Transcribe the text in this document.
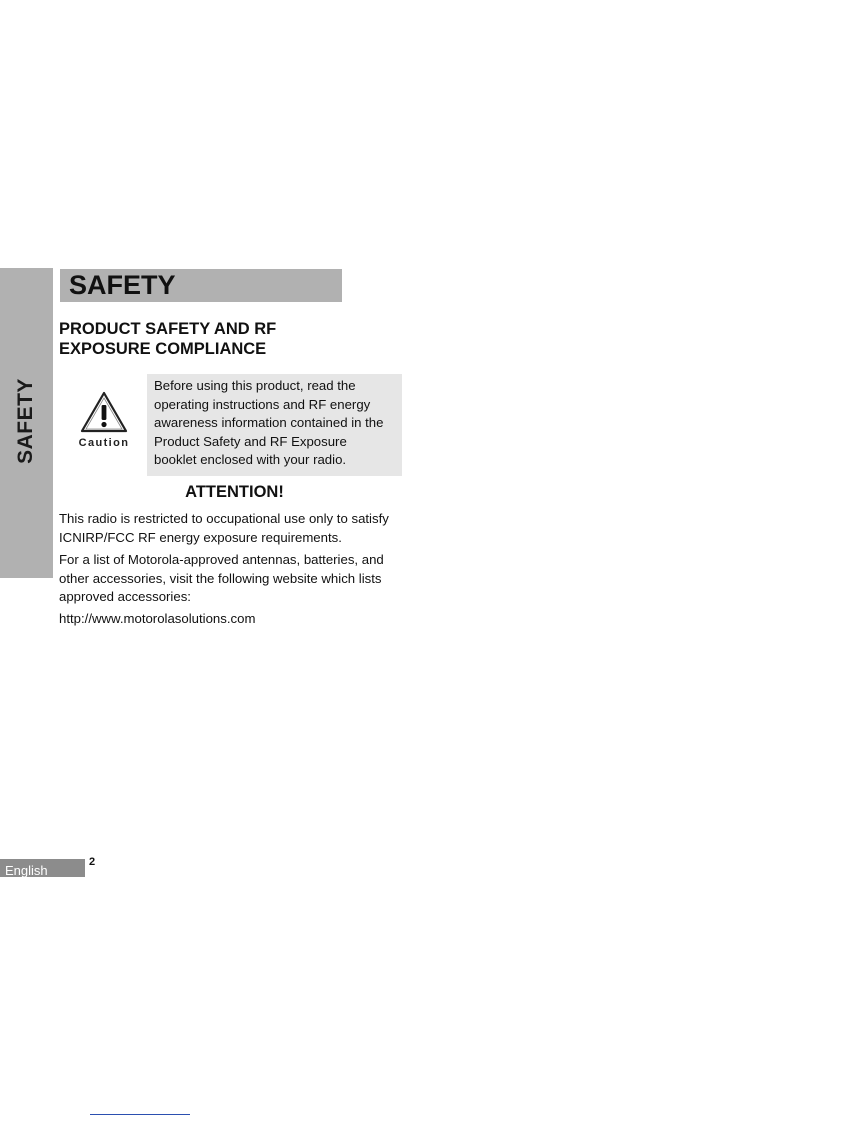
SAFETY
SAFETY
PRODUCT SAFETY AND RF
EXPOSURE COMPLIANCE
Caution
Before using this product, read the
operating instructions and RF energy
awareness information contained in the
Product Safety and RF Exposure
booklet enclosed with your radio.
ATTENTION!
This radio is restricted to occupational use only to satisfy
ICNIRP/FCC RF energy exposure requirements.
For a list of Motorola-approved antennas, batteries, and
other accessories, visit the following website which lists
approved accessories:
http://www.motorolasolutions.com
English
2
